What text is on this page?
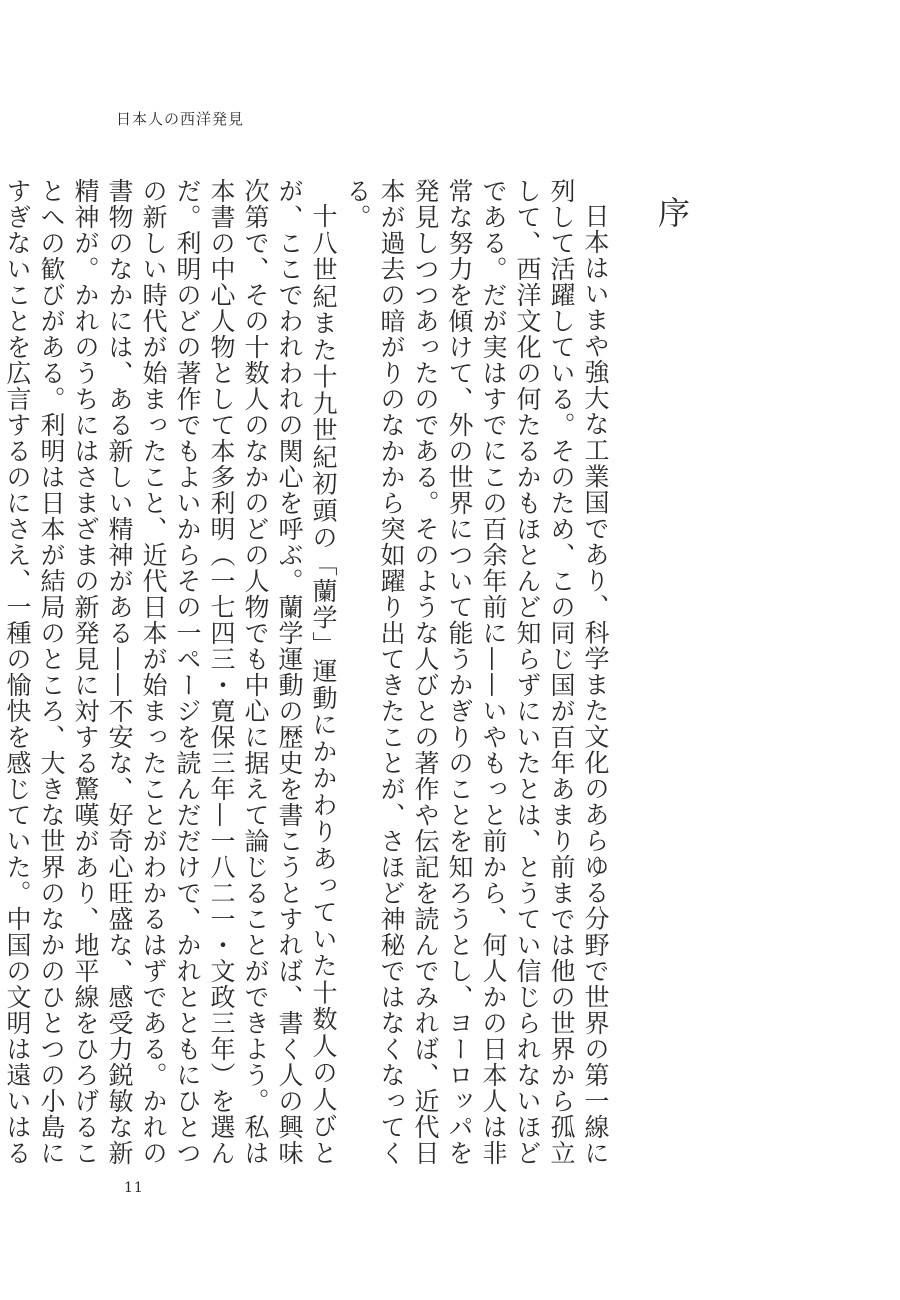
日本人の西洋発見
序

日本はいまや強大な工業国であり、科学また文化のあらゆる分野で世界の第一線に列して活躍している。そのため、この同じ国が百年あまり前までは他の世界から孤立して、西洋文化の何たるかもほとんど知らずにいたとは、とうてい信じられないほどである。だが実はすでにこの百余年前に——いやもっと前から、何人かの日本人は非常な努力を傾けて、外の世界について能うかぎりのことを知ろうとし、ヨーロッパを発見しつつあったのである。そのような人びとの著作や伝記を読んでみれば、近代日本が過去の暗がりのなかから突如躍り出てきたことが、さほど神秘ではなくなってくる。

十八世紀また十九世紀初頭の「蘭学」運動にかかわりあっていた十数人の人びとが、ここでわれわれの関心を呼ぶ。蘭学運動の歴史を書こうとすれば、書く人の興味次第で、その十数人のなかのどの人物でも中心に据えて論じることができよう。私は本書の中心人物として本多利明（一七四三・寛保三年—一八二一・文政三年）を選んだ。利明のどの著作でもよいからその一ページを読んだだけで、かれとともにひとつの新しい時代が始まったこと、近代日本が始まったことがわかるはずである。かれの書物のなかには、ある新しい精神がある——不安な、好奇心旺盛な、感受力鋭敏な新精神が。かれのうちにはさまざまの新発見に対する驚嘆があり、地平線をひろげることへの歓びがある。利明は日本が結局のところ、大きな世界のなかのひとつの小島にすぎないことを広言するのにさえ、一種の愉快を感じていた。中国の文明は遠いはる

11
